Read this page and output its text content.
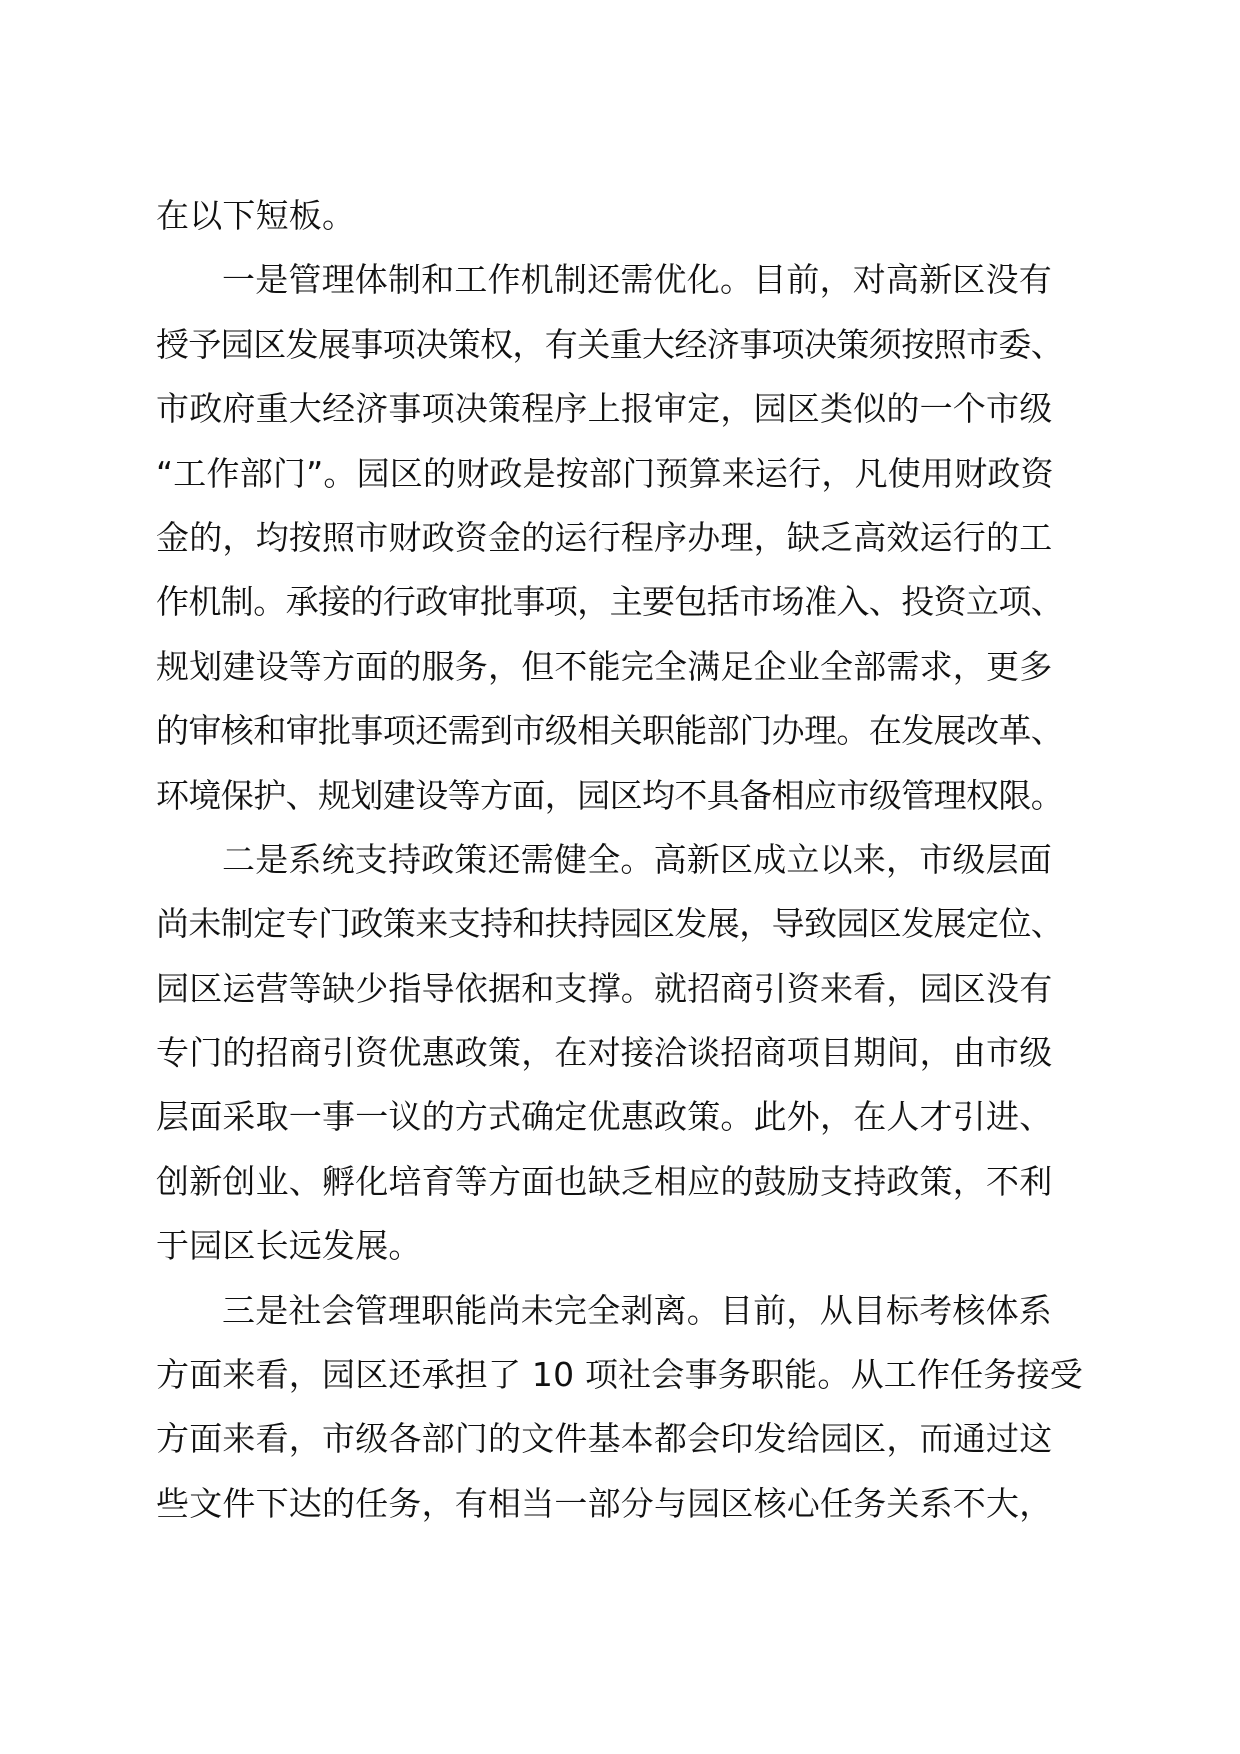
在以下短板。
一是管理体制和工作机制还需优化。目前，对高新区没有
授予园区发展事项决策权，有关重大经济事项决策须按照市委、
市政府重大经济事项决策程序上报审定，园区类似的一个市级
“工作部门”。园区的财政是按部门预算来运行，凡使用财政资
金的，均按照市财政资金的运行程序办理，缺乏高效运行的工
作机制。承接的行政审批事项，主要包括市场准入、投资立项、
规划建设等方面的服务，但不能完全满足企业全部需求，更多
的审核和审批事项还需到市级相关职能部门办理。在发展改革、
环境保护、规划建设等方面，园区均不具备相应市级管理权限。
二是系统支持政策还需健全。高新区成立以来，市级层面
尚未制定专门政策来支持和扶持园区发展，导致园区发展定位、
园区运营等缺少指导依据和支撑。就招商引资来看，园区没有
专门的招商引资优惠政策，在对接洽谈招商项目期间，由市级
层面采取一事一议的方式确定优惠政策。此外，在人才引进、
创新创业、孵化培育等方面也缺乏相应的鼓励支持政策，不利
于园区长远发展。
三是社会管理职能尚未完全剥离。目前，从目标考核体系
方面来看，园区还承担了 10 项社会事务职能。从工作任务接受
方面来看，市级各部门的文件基本都会印发给园区，而通过这
些文件下达的任务，有相当一部分与园区核心任务关系不大，
